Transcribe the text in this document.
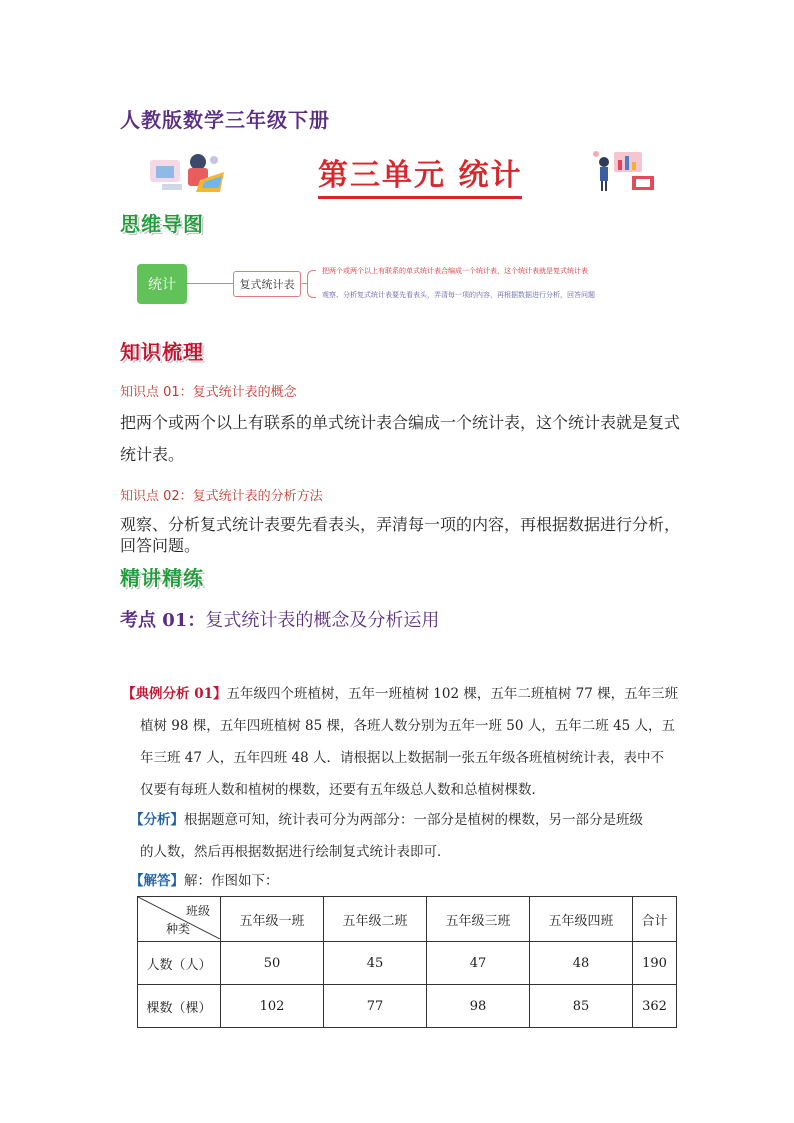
人教版数学三年级下册
第三单元 统计
思维导图
统计	复式统计表
把两个或两个以上有联系的单式统计表合编成一个统计表，这个统计表就是复式统计表
观察、分析复式统计表要先看表头，弄清每一项的内容，再根据数据进行分析，回答问题
知识梳理
知识点 01：复式统计表的概念
把两个或两个以上有联系的单式统计表合编成一个统计表，这个统计表就是复式
统计表。
知识点 02：复式统计表的分析方法
观察、分析复式统计表要先看表头，弄清每一项的内容，再根据数据进行分析，
回答问题。
精讲精练
考点 01：复式统计表的概念及分析运用
【典例分析 01】五年级四个班植树，五年一班植树 102 棵，五年二班植树 77 棵，五年三班
植树 98 棵，五年四班植树 85 棵，各班人数分别为五年一班 50 人，五年二班 45 人，五
年三班 47 人，五年四班 48 人．请根据以上数据制一张五年级各班植树统计表，表中不
仅要有每班人数和植树的棵数，还要有五年级总人数和总植树棵数．
【分析】根据题意可知，统计表可分为两部分：一部分是植树的棵数，另一部分是班级
的人数，然后再根据数据进行绘制复式统计表即可．
【解答】解：作图如下：
班级
种类	五年级一班	五年级二班	五年级三班	五年级四班	合计
人数（人）	50	45	47	48	190
棵数（棵）	102	77	98	85	362
